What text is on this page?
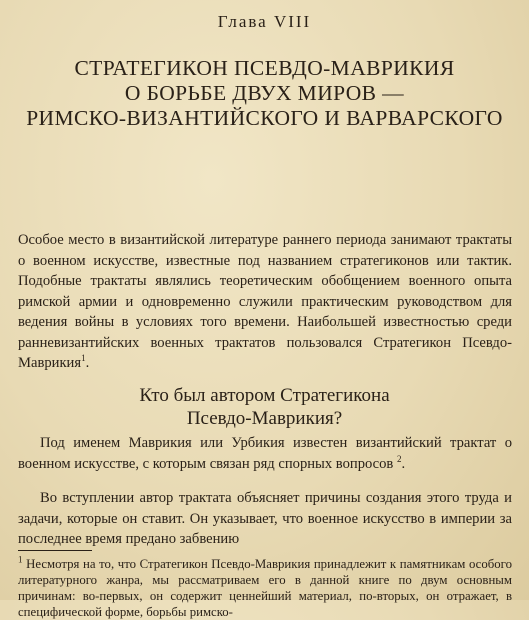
Глава VIII
СТРАТЕГИКОН ПСЕВДО-МАВРИКИЯ
О БОРЬБЕ ДВУХ МИРОВ —
РИМСКО-ВИЗАНТИЙСКОГО И ВАРВАРСКОГО
Особое место в византийской литературе раннего периода занимают трактаты о военном искусстве, известные под названием стратегиконов или тактик. Подобные трактаты являлись теоретическим обобщением военного опыта римской армии и одновременно служили практическим руководством для ведения войны в условиях того времени. Наибольшей известностью среди ранневизантийских военных трактатов пользовался Стратегикон Псевдо-Маврикия$^1$.
Кто был автором Стратегикона
Псевдо-Маврикия?
Под именем Маврикия или Урбикия известен византийский трактат о военном искусстве, с которым связан ряд спорных вопросов $^2$.
Во вступлении автор трактата объясняет причины создания этого труда и задачи, которые он ставит. Он указывает, что военное искусство в империи за последнее время предано забвению
$^1$ Несмотря на то, что Стратегикон Псевдо-Маврикия принадлежит к памятникам особого литературного жанра, мы рассматриваем его в данной книге по двум основным причинам: во-первых, он содержит ценнейший материал, по-вторых, он отражает, в специфической форме, борьбы римско-
